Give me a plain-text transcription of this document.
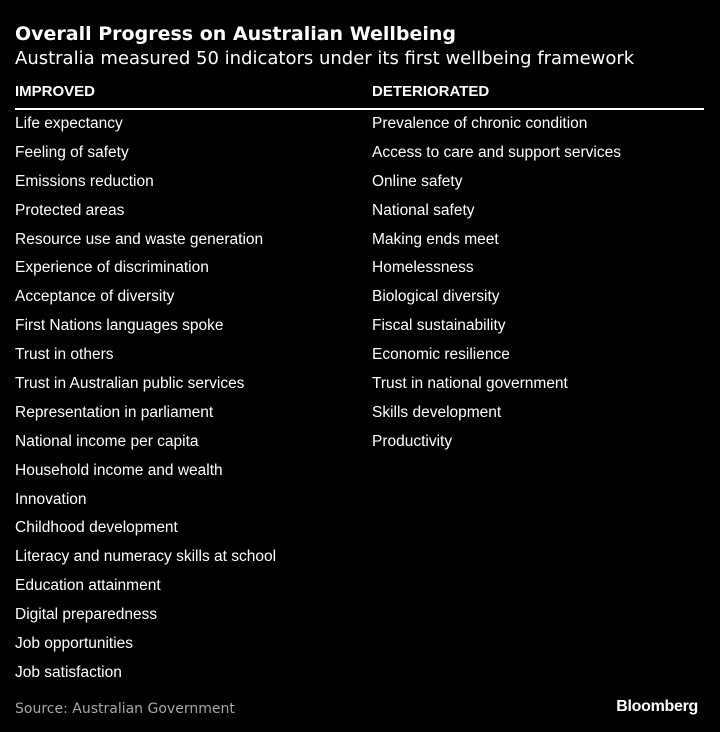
Overall Progress on Australian Wellbeing
Australia measured 50 indicators under its first wellbeing framework
IMPROVED	DETERIORATED
Life expectancy
Feeling of safety
Emissions reduction
Protected areas
Resource use and waste generation
Experience of discrimination
Acceptance of diversity
First Nations languages spoke
Trust in others
Trust in Australian public services
Representation in parliament
National income per capita
Household income and wealth
Innovation
Childhood development
Literacy and numeracy skills at school
Education attainment
Digital preparedness
Job opportunities
Job satisfaction
Prevalence of chronic condition
Access to care and support services
Online safety
National safety
Making ends meet
Homelessness
Biological diversity
Fiscal sustainability
Economic resilience
Trust in national government
Skills development
Productivity
Source: Australian Government	Bloomberg
